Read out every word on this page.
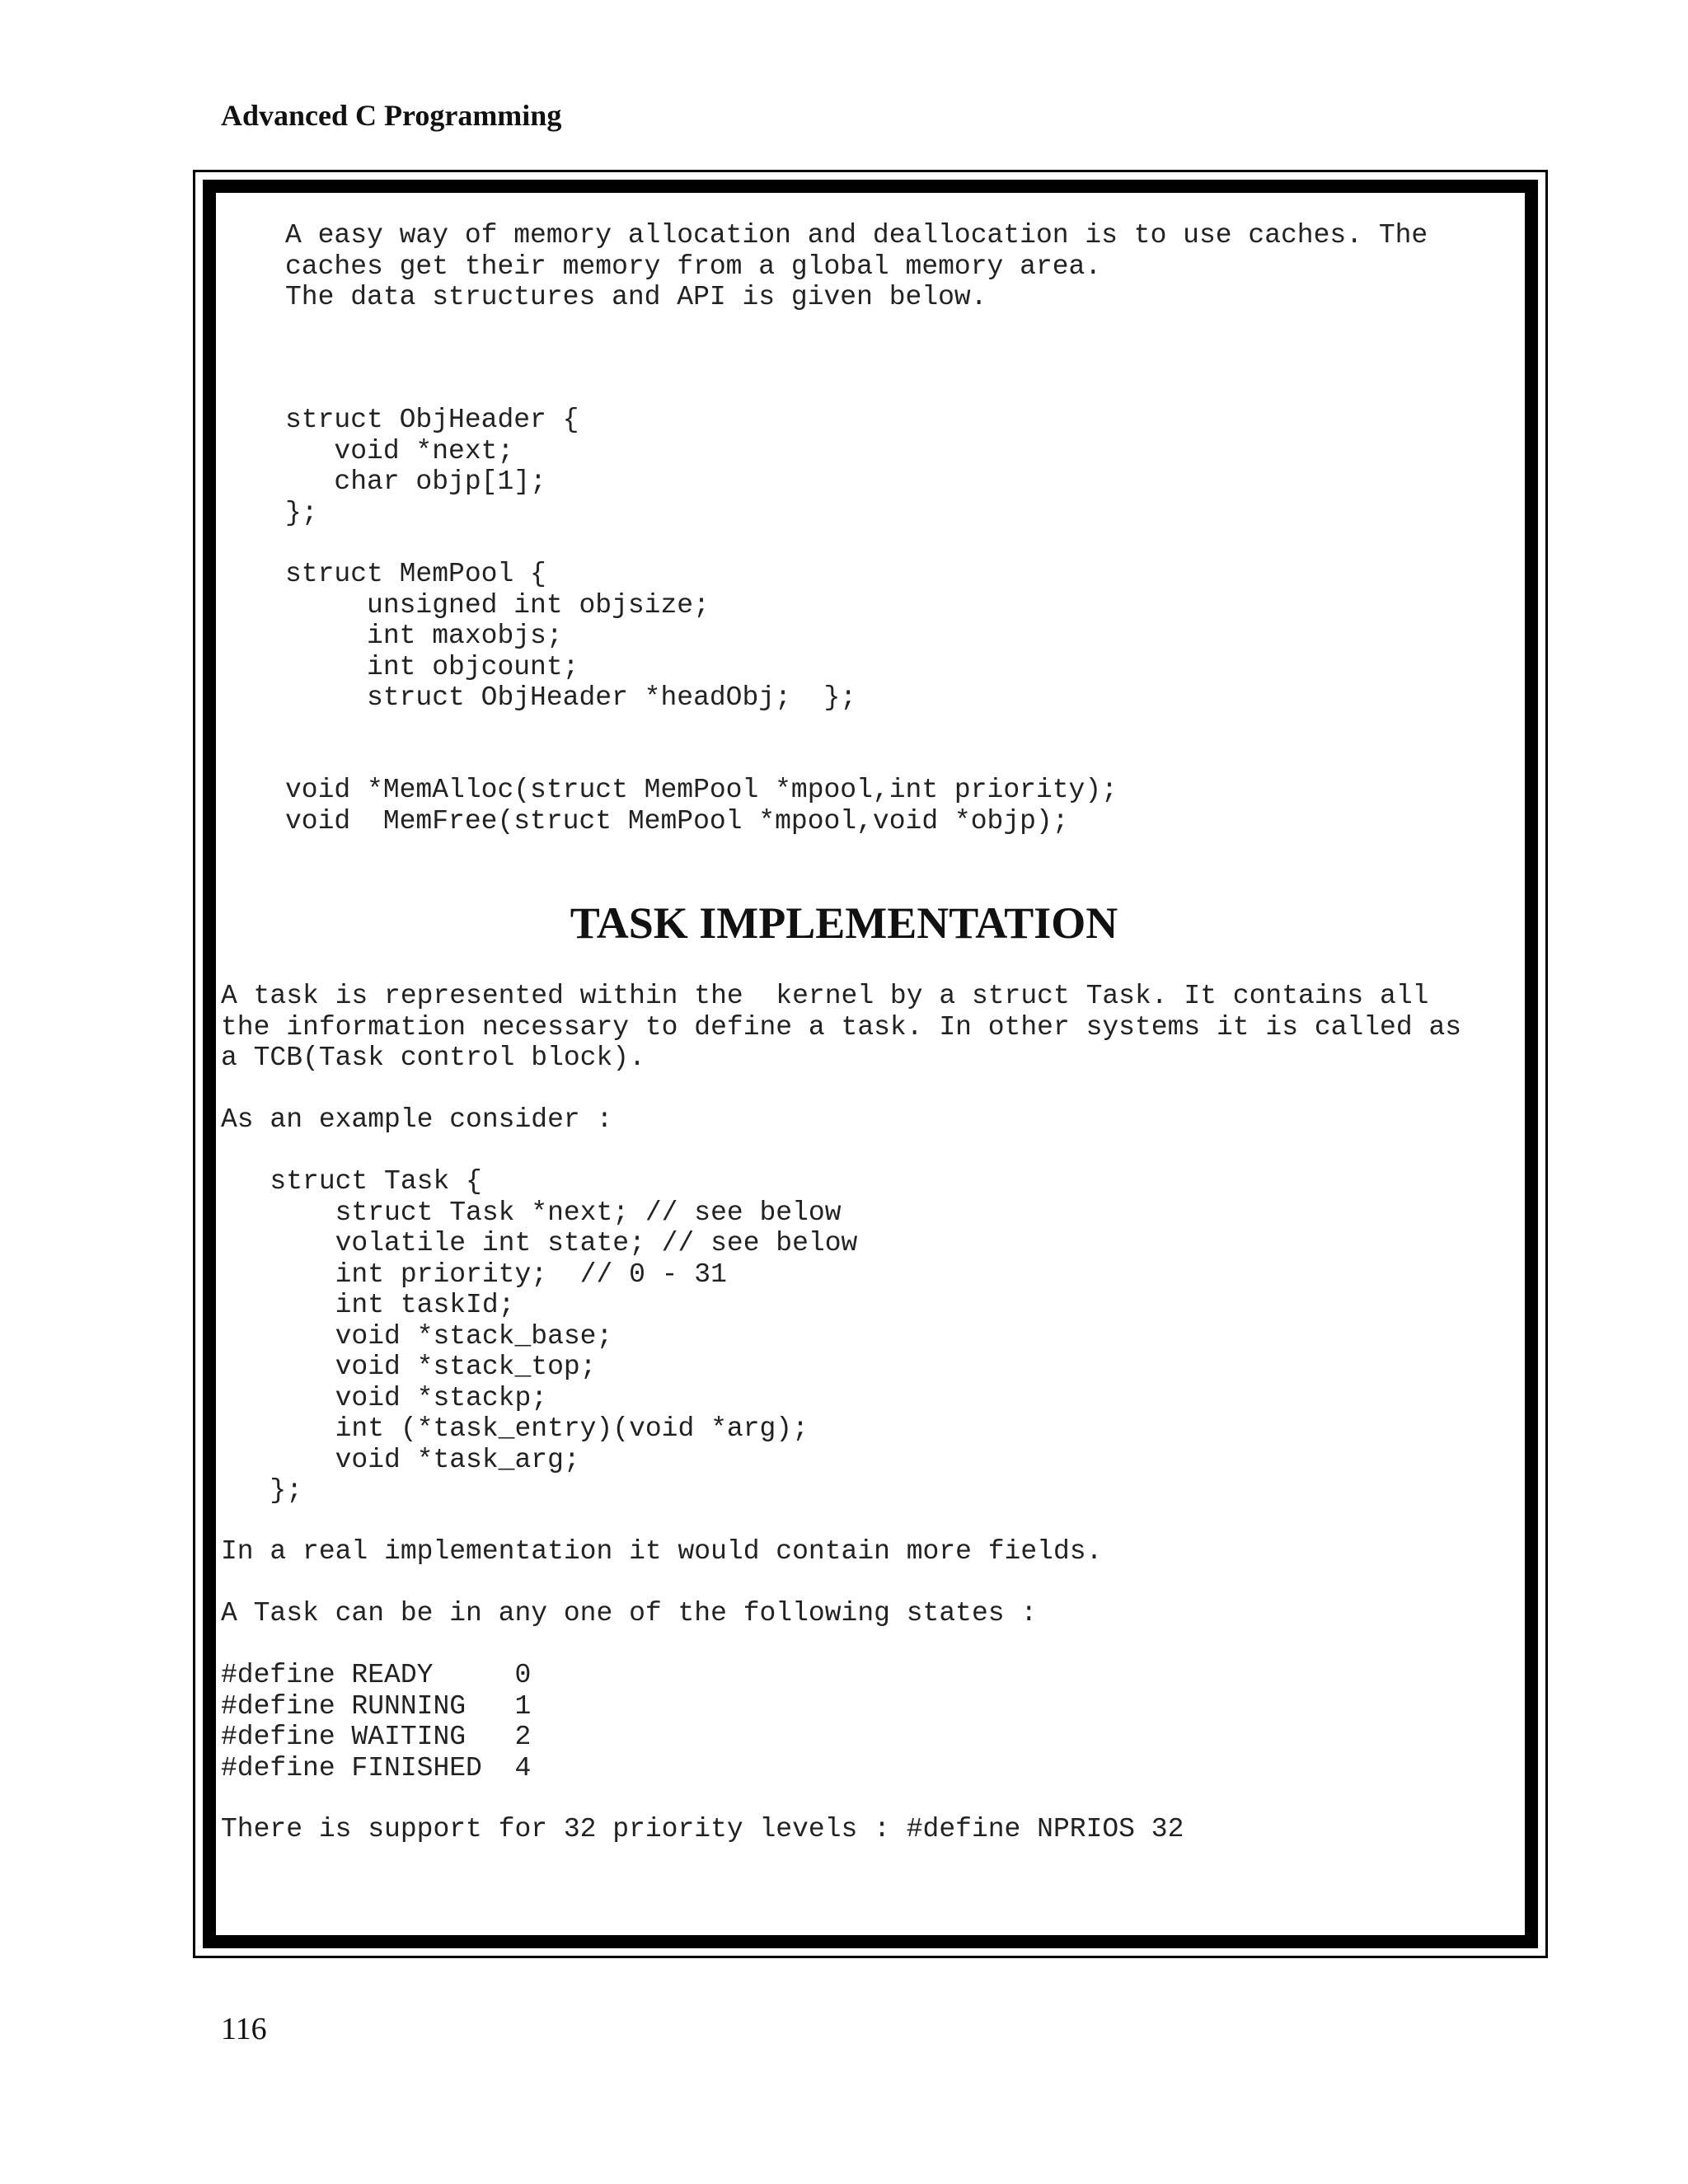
Advanced C Programming
A easy way of memory allocation and deallocation is to use caches. The
caches get their memory from a global memory area.
The data structures and API is given below.
struct ObjHeader {
void *next;
char objp[1];
};
struct MemPool {
unsigned int objsize;
int maxobjs;
int objcount;
struct ObjHeader *headObj;  };
void *MemAlloc(struct MemPool *mpool,int priority);
void  MemFree(struct MemPool *mpool,void *objp);
TASK IMPLEMENTATION
A task is represented within the  kernel by a struct Task. It contains all
the information necessary to define a task. In other systems it is called as
a TCB(Task control block).
As an example consider :
struct Task {
struct Task *next; // see below
volatile int state; // see below
int priority;  // 0 - 31
int taskId;
void *stack_base;
void *stack_top;
void *stackp;
int (*task_entry)(void *arg);
void *task_arg;
};
In a real implementation it would contain more fields.
A Task can be in any one of the following states :
#define READY     0
#define RUNNING   1
#define WAITING   2
#define FINISHED  4
There is support for 32 priority levels : #define NPRIOS 32
116
